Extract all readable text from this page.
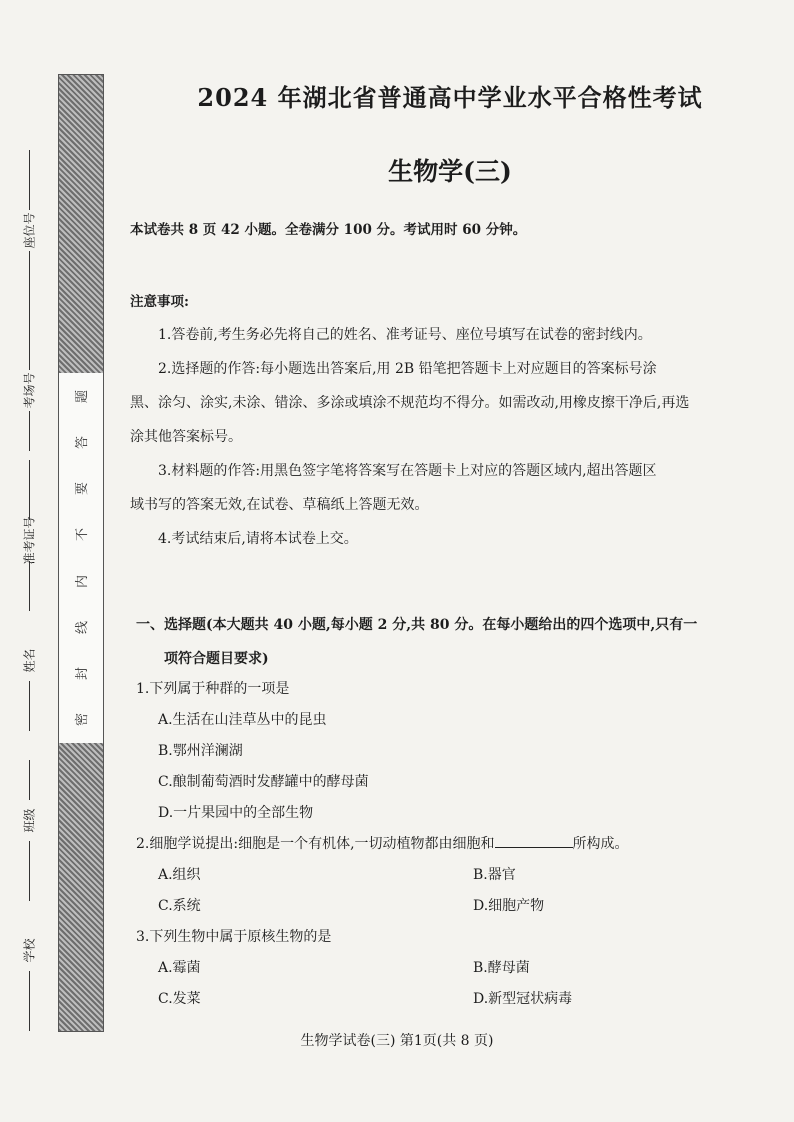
题
答
要
不
内
线
封
密
座位号
考场号
准考证号
姓名
班级
学校
2024 年湖北省普通高中学业水平合格性考试
生物学(三)
本试卷共 8 页 42 小题。全卷满分 100 分。考试用时 60 分钟。
注意事项:

1.答卷前,考生务必先将自己的姓名、准考证号、座位号填写在试卷的密封线内。

2.选择题的作答:每小题选出答案后,用 2B 铅笔把答题卡上对应题目的答案标号涂

黑、涂匀、涂实,未涂、错涂、多涂或填涂不规范均不得分。如需改动,用橡皮擦干净后,再选

涂其他答案标号。

3.材料题的作答:用黑色签字笔将答案写在答题卡上对应的答题区域内,超出答题区

域书写的答案无效,在试卷、草稿纸上答题无效。

4.考试结束后,请将本试卷上交。

一、选择题(本大题共 40 小题,每小题 2 分,共 80 分。在每小题给出的四个选项中,只有一
项符合题目要求)
1.下列属于种群的一项是
A.生活在山洼草丛中的昆虫
B.鄂州洋澜湖
C.酿制葡萄酒时发酵罐中的酵母菌
D.一片果园中的全部生物
2.细胞学说提出:细胞是一个有机体,一切动植物都由细胞和	所构成。
A.组织	B.器官
C.系统	D.细胞产物
3.下列生物中属于原核生物的是
A.霉菌	B.酵母菌
C.发菜	D.新型冠状病毒
生物学试卷(三) 第1页(共 8 页)
